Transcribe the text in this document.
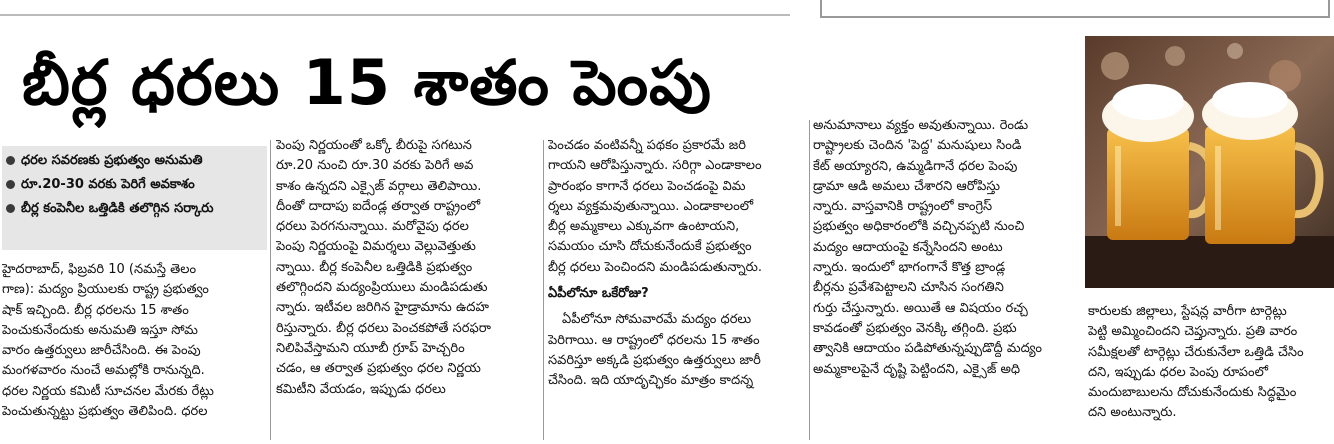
బీర్ల ధరలు 15 శాతం పెంపు
ధరల సవరణకు ప్రభుత్వం అనుమతి
రూ.20-30 వరకు పెరిగే అవకాశం
బీర్ల కంపెనీల ఒత్తిడికి తలొగ్గిన సర్కారు

హైదరాబాద్, ఫిబ్రవరి 10 (నమస్తే తెలం

గాణ): మద్యం ప్రియులకు రాష్ట్ర ప్రభుత్వం

షాక్ ఇచ్చింది. బీర్ల ధరలను 15 శాతం

పెంచుకునేందుకు అనుమతి ఇస్తూ సోమ

వారం ఉత్తర్వులు జారీచేసింది. ఈ పెంపు

మంగళవారం నుంచే అమల్లోకి రానున్నది.

ధరల నిర్ణయ కమిటీ సూచనల మేరకు రేట్లు

పెంచుతున్నట్టు ప్రభుత్వం తెలిపింది. ధరల

పెంపు నిర్ణయంతో ఒక్కో బీరుపై సగటున

రూ.20 నుంచి రూ.30 వరకు పెరిగే అవ

కాశం ఉన్నదని ఎక్సైజ్ వర్గాలు తెలిపాయి.

దీంతో దాదాపు ఐదేండ్ల తర్వాత రాష్ట్రంలో

ధరలు పెరగనున్నాయి. మరోవైపు ధరల

పెంపు నిర్ణయంపై విమర్శలు వెల్లువెత్తుతు

న్నాయి. బీర్ల కంపెనీల ఒత్తిడికి ప్రభుత్వం

తలొగ్గిందని మద్యంప్రియులు మండిపడుతు

న్నారు. ఇటీవల జరిగిన హైడ్రామాను ఉదహ

రిస్తున్నారు. బీర్ల ధరలు పెంచకపోతే సరఫరా

నిలిపివేస్తామని యూబీ గ్రూప్ హెచ్చరిం

చడం, ఆ తర్వాత ప్రభుత్వం ధరల నిర్ణయ

కమిటీని వేయడం, ఇప్పుడు ధరలు

పెంచడం వంటివన్నీ పథకం ప్రకారమే జరి

గాయని ఆరోపిస్తున్నారు. సరిగ్గా ఎండాకాలం

ప్రారంభం కాగానే ధరలు పెంచడంపై విమ

ర్శలు వ్యక్తమవుతున్నాయి. ఎండాకాలంలో

బీర్ల అమ్మకాలు ఎక్కువగా ఉంటాయని,

సమయం చూసి దోచుకునేందుకే ప్రభుత్వం

బీర్ల ధరలు పెంచిందని మండిపడుతున్నారు.

ఏపీలోనూ ఒకేరోజు?

ఏపీలోనూ సోమవారమే మద్యం ధరలు

పెరిగాయి. ఆ రాష్ట్రంలో ధరలను 15 శాతం

సవరిస్తూ అక్కడి ప్రభుత్వం ఉత్తర్వులు జారీ

చేసింది. ఇది యాదృచ్ఛికం మాత్రం కాదన్న

అనుమానాలు వ్యక్తం అవుతున్నాయి. రెండు

రాష్ట్రాలకు చెందిన 'పెద్ద' మనుషులు సిండి

కేట్ అయ్యారని, ఉమ్మడిగానే ధరల పెంపు

డ్రామా ఆడి అమలు చేశారని ఆరోపిస్తు

న్నారు. వాస్తవానికి రాష్ట్రంలో కాంగ్రెస్

ప్రభుత్వం అధికారంలోకి వచ్చినప్పటి నుంచి

మద్యం ఆదాయంపై కన్నేసిందని అంటు

న్నారు. ఇందులో భాగంగానే కొత్త బ్రాండ్ల

బీర్లను ప్రవేశపెట్టాలని చూసిన సంగతిని

గుర్తు చేస్తున్నారు. అయితే ఆ విషయం రచ్చ

కావడంతో ప్రభుత్వం వెనక్కి తగ్గింది. ప్రభు

త్వానికి ఆదాయం పడిపోతున్నప్పుడొద్దీ మద్యం

అమ్మకాలపైనే దృష్టి పెట్టిందని, ఎక్సైజ్ అధి

కారులకు జిల్లాలు, స్టేషన్ల వారీగా టార్గెట్లు

పెట్టి అమ్మించిందని చెప్తున్నారు. ప్రతి వారం

సమీక్షలతో టార్గెట్లు చేరుకునేలా ఒత్తిడి చేసిం

దని, ఇప్పుడు ధరల పెంపు రూపంలో

మందుబాబులను దోచుకునేందుకు సిద్ధమైం

దని అంటున్నారు.
